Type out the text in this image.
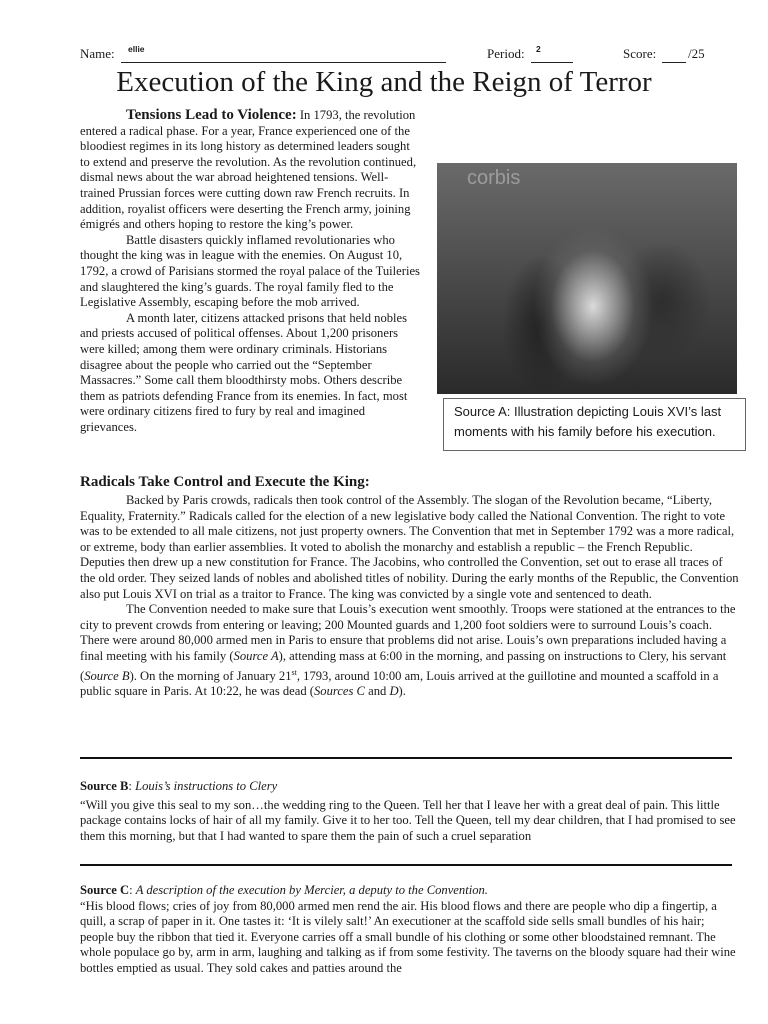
Name: ellie	Period: 2	Score: /25
Execution of the King and the Reign of Terror
corbis
Source A: Illustration depicting Louis XVI’s last moments with his family before his execution.

Tensions Lead to Violence: In 1793, the revolution entered a radical phase. For a year, France experienced one of the bloodiest regimes in its long history as determined leaders sought to extend and preserve the revolution. As the revolution continued, dismal news about the war abroad heightened tensions. Well-trained Prussian forces were cutting down raw French recruits. In addition, royalist officers were deserting the French army, joining émigrés and others hoping to restore the king’s power.

Battle disasters quickly inflamed revolutionaries who thought the king was in league with the enemies. On August 10, 1792, a crowd of Parisians stormed the royal palace of the Tuileries and slaughtered the king’s guards. The royal family fled to the Legislative Assembly, escaping before the mob arrived.

A month later, citizens attacked prisons that held nobles and priests accused of political offenses. About 1,200 prisoners were killed; among them were ordinary criminals. Historians disagree about the people who carried out the “September Massacres.” Some call them bloodthirsty mobs. Others describe them as patriots defending France from its enemies. In fact, most were ordinary citizens fired to fury by real and imagined grievances.

Radicals Take Control and Execute the King:

Backed by Paris crowds, radicals then took control of the Assembly. The slogan of the Revolution became, “Liberty, Equality, Fraternity.” Radicals called for the election of a new legislative body called the National Convention. The right to vote was to be extended to all male citizens, not just property owners. The Convention that met in September 1792 was a more radical, or extreme, body than earlier assemblies. It voted to abolish the monarchy and establish a republic – the French Republic. Deputies then drew up a new constitution for France. The Jacobins, who controlled the Convention, set out to erase all traces of the old order. They seized lands of nobles and abolished titles of nobility. During the early months of the Republic, the Convention also put Louis XVI on trial as a traitor to France. The king was convicted by a single vote and sentenced to death.

The Convention needed to make sure that Louis’s execution went smoothly. Troops were stationed at the entrances to the city to prevent crowds from entering or leaving; 200 Mounted guards and 1,200 foot soldiers were to surround Louis’s coach. There were around 80,000 armed men in Paris to ensure that problems did not arise. Louis’s own preparations included having a final meeting with his family (Source A), attending mass at 6:00 in the morning, and passing on instructions to Clery, his servant (Source B). On the morning of January 21st, 1793, around 10:00 am, Louis arrived at the guillotine and mounted a scaffold in a public square in Paris. At 10:22, he was dead (Sources C and D).

Source B: Louis’s instructions to Clery

“Will you give this seal to my son…the wedding ring to the Queen. Tell her that I leave her with a great deal of pain. This little package contains locks of hair of all my family. Give it to her too. Tell the Queen, tell my dear children, that I had promised to see them this morning, but that I had wanted to spare them the pain of such a cruel separation

Source C: A description of the execution by Mercier, a deputy to the Convention.

“His blood flows; cries of joy from 80,000 armed men rend the air. His blood flows and there are people who dip a fingertip, a quill, a scrap of paper in it. One tastes it: ‘It is vilely salt!’ An executioner at the scaffold side sells small bundles of his hair; people buy the ribbon that tied it. Everyone carries off a small bundle of his clothing or some other bloodstained remnant. The whole populace go by, arm in arm, laughing and talking as if from some festivity. The taverns on the bloody square had their wine bottles emptied as usual. They sold cakes and patties around the
